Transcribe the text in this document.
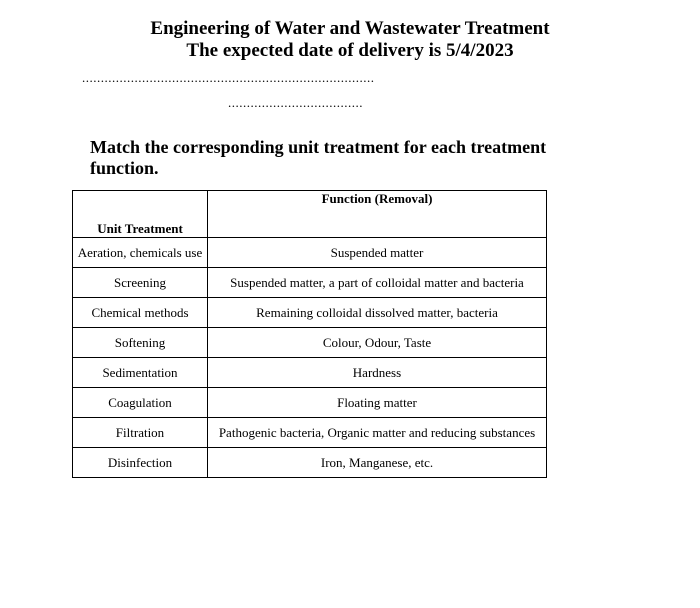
Engineering of Water and Wastewater Treatment
The expected date of delivery is 5/4/2023
..............................................................................
....................................
Match the corresponding unit treatment for each treatment function.
Unit Treatment	Function (Removal)
Aeration, chemicals use	Suspended matter
Screening	Suspended matter, a part of colloidal matter and bacteria
Chemical methods	Remaining colloidal dissolved matter, bacteria
Softening	Colour, Odour, Taste
Sedimentation	Hardness
Coagulation	Floating matter
Filtration	Pathogenic bacteria, Organic matter and reducing substances
Disinfection	Iron, Manganese, etc.
